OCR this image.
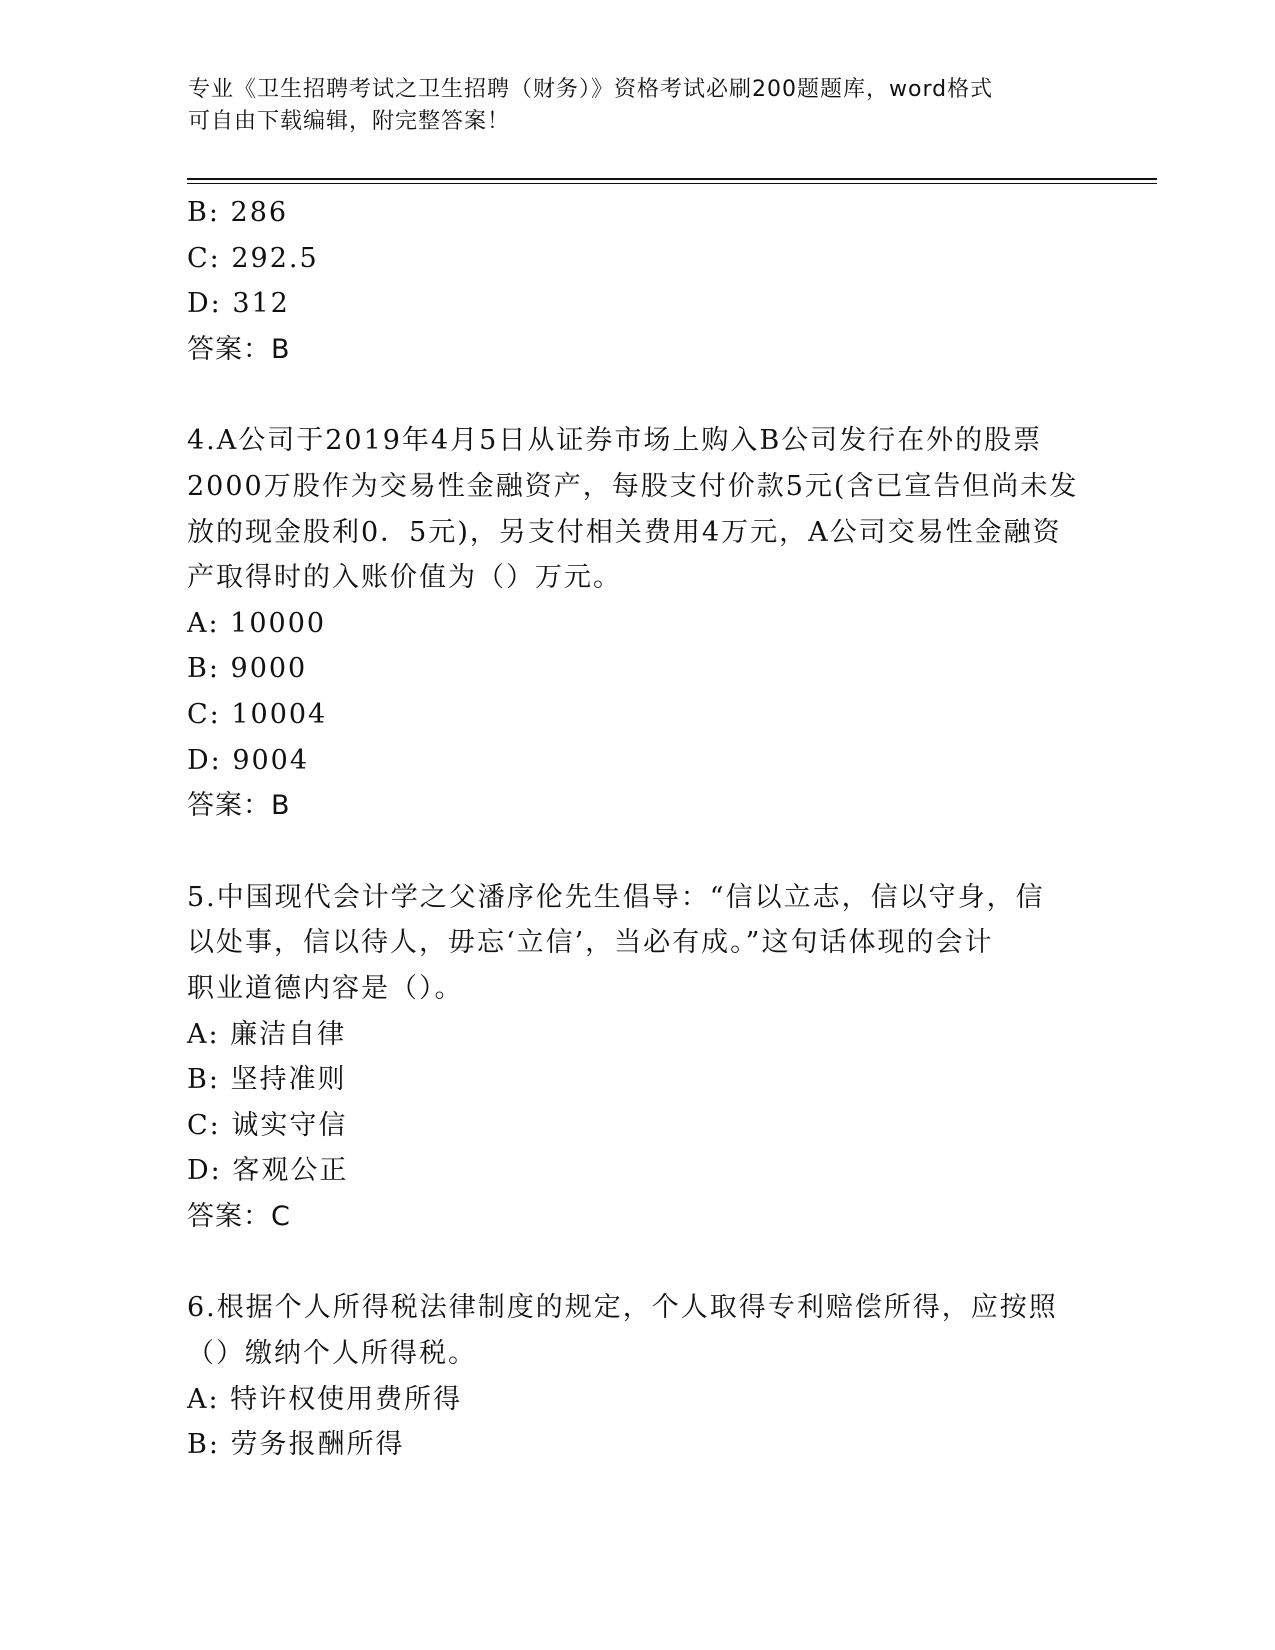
专业《卫生招聘考试之卫生招聘（财务）》资格考试必刷200题题库，word格式
可自由下载编辑，附完整答案！
B: 286
C: 292.5
D: 312
答案：B
4.A公司于2019年4月5日从证券市场上购入B公司发行在外的股票
2000万股作为交易性金融资产，每股支付价款5元(含已宣告但尚未发
放的现金股利0．5元)，另支付相关费用4万元，A公司交易性金融资
产取得时的入账价值为（）万元。
A: 10000
B: 9000
C: 10004
D: 9004
答案：B
5.中国现代会计学之父潘序伦先生倡导：“信以立志，信以守身，信
以处事，信以待人，毋忘‘立信’，当必有成。”这句话体现的会计
职业道德内容是（）。
A: 廉洁自律
B: 坚持准则
C: 诚实守信
D: 客观公正
答案：C
6.根据个人所得税法律制度的规定，个人取得专利赔偿所得，应按照
（）缴纳个人所得税。
A: 特许权使用费所得
B: 劳务报酬所得
